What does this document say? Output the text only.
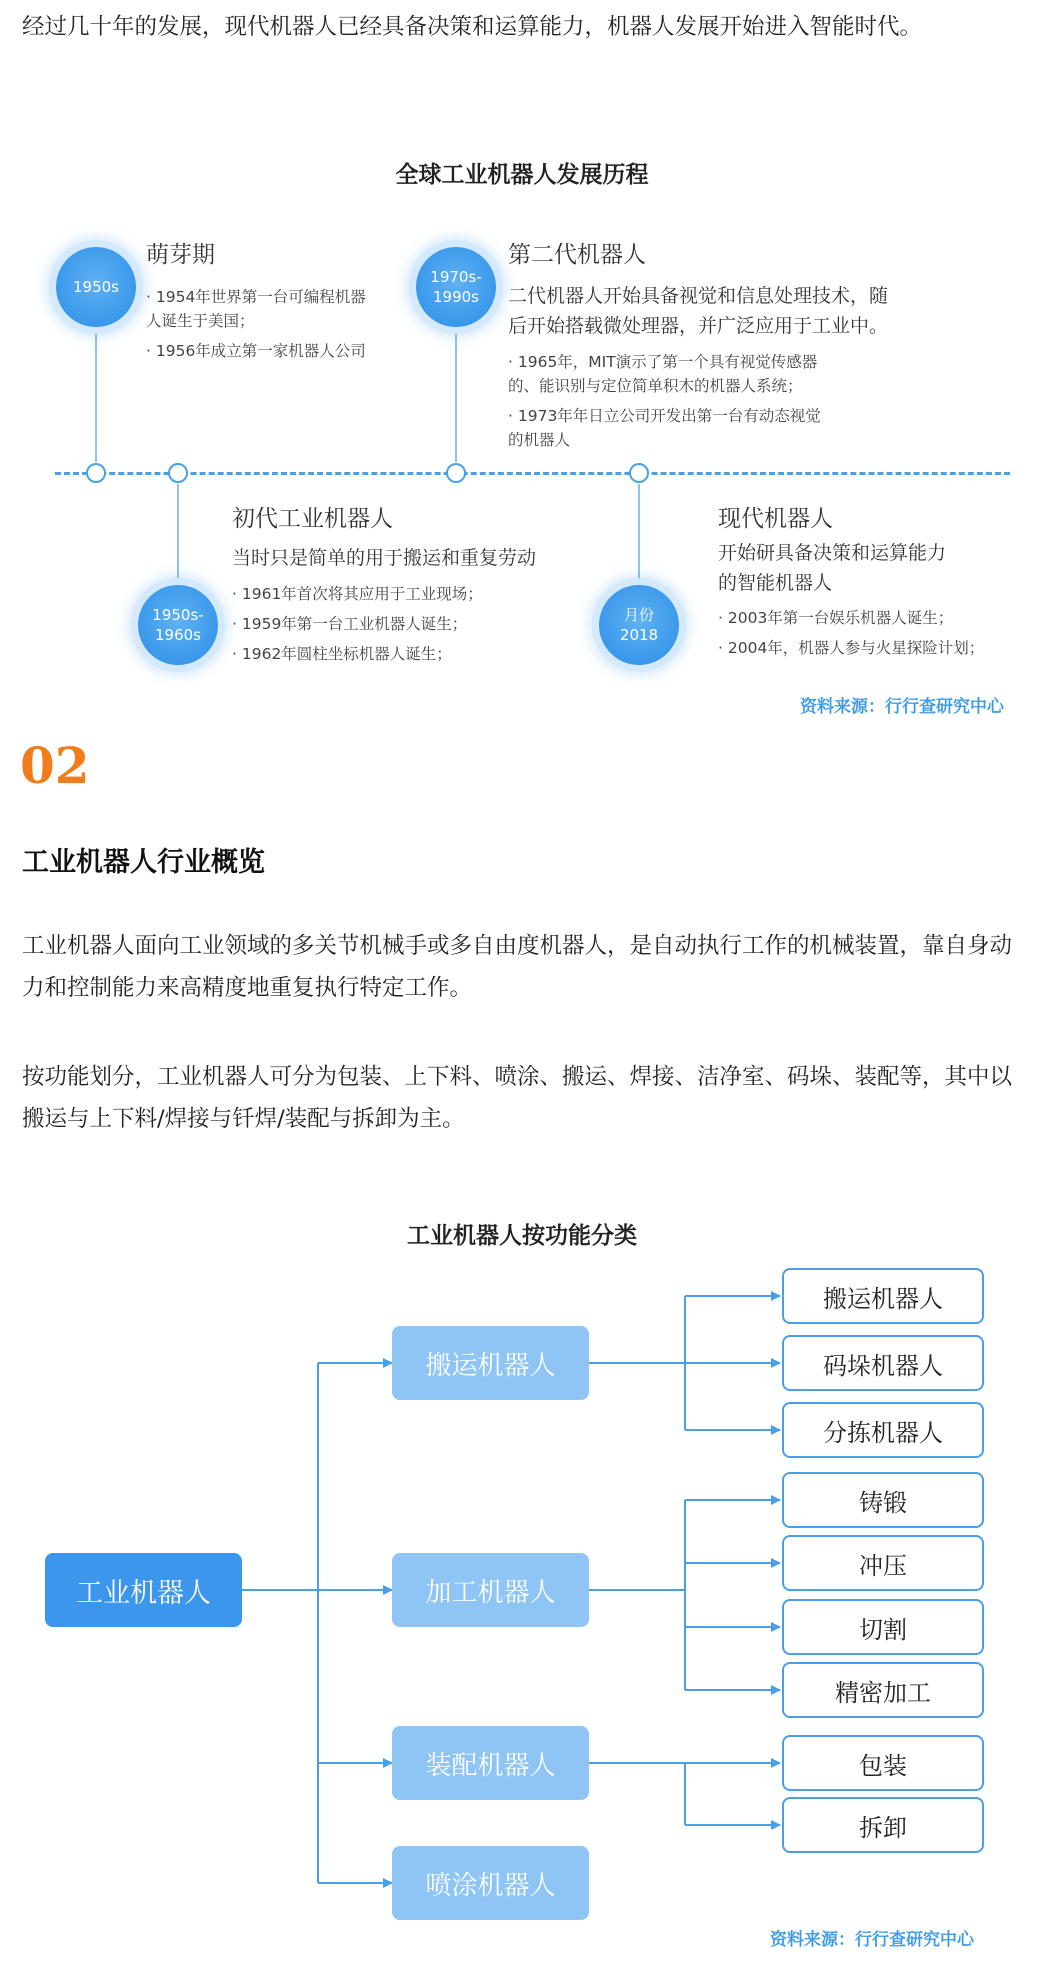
经过几十年的发展，现代机器人已经具备决策和运算能力，机器人发展开始进入智能时代。

全球工业机器人发展历程
1950s
萌芽期
· 1954年世界第一台可编程机器
人诞生于美国；
· 1956年成立第一家机器人公司
1970s-
1990s
第二代机器人
二代机器人开始具备视觉和信息处理技术，随
后开始搭载微处理器，并广泛应用于工业中。
· 1965年，MIT演示了第一个具有视觉传感器
的、能识别与定位简单积木的机器人系统；
· 1973年年日立公司开发出第一台有动态视觉
的机器人
1950s-
1960s
初代工业机器人
当时只是简单的用于搬运和重复劳动
· 1961年首次将其应用于工业现场；
· 1959年第一台工业机器人诞生；
· 1962年圆柱坐标机器人诞生；
月份
2018
现代机器人
开始研具备决策和运算能力
的智能机器人
· 2003年第一台娱乐机器人诞生；
· 2004年，机器人参与火星探险计划；
资料来源：行行查研究中心
02
工业机器人行业概览

工业机器人面向工业领域的多关节机械手或多自由度机器人，是自动执行工作的机械装置，靠自身动力和控制能力来高精度地重复执行特定工作。

按功能划分，工业机器人可分为包装、上下料、喷涂、搬运、焊接、洁净室、码垛、装配等，其中以搬运与上下料/焊接与钎焊/装配与拆卸为主。

工业机器人按功能分类
工业机器人
搬运机器人
加工机器人
装配机器人
喷涂机器人
搬运机器人
码垛机器人
分拣机器人
铸锻
冲压
切割
精密加工
包装
拆卸
资料来源：行行查研究中心
